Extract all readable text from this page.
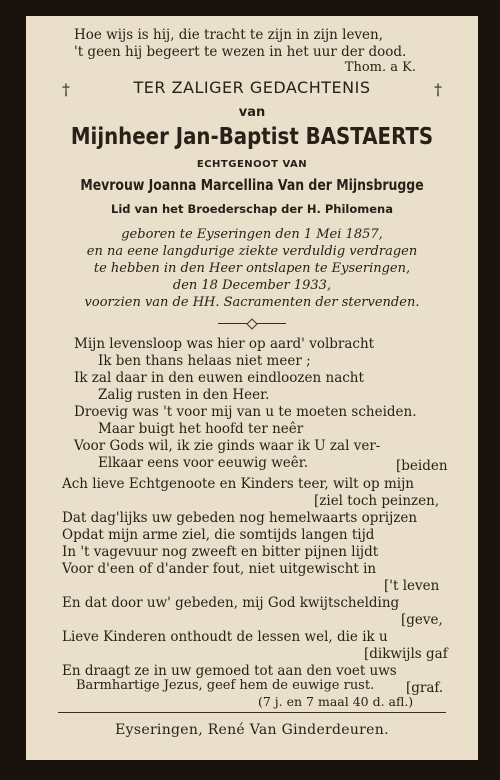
Hoe wijs is hij, die tracht te zijn in zijn leven,
't geen hij begeert te wezen in het uur der dood.
Thom. a K.
†	†
TER ZALIGER GEDACHTENIS
van
Mijnheer Jan-Baptist BASTAERTS
ECHTGENOOT VAN
Mevrouw Joanna Marcellina Van der Mijnsbrugge
Lid van het Broederschap der H. Philomena
geboren te Eyseringen den 1 Mei 1857,
en na eene langdurige ziekte verduldig verdragen
te hebben in den Heer ontslapen te Eyseringen,
den 18 December 1933,
voorzien van de HH. Sacramenten der stervenden.
Mijn levensloop was hier op aard' volbracht
Ik ben thans helaas niet meer ;
Ik zal daar in den euwen eindloozen nacht
Zalig rusten in den Heer.
Droevig was 't voor mij van u te moeten scheiden.
Maar buigt het hoofd ter neêr
Voor Gods wil, ik zie ginds waar ik U zal ver-
Elkaar eens voor eeuwig weêr.	[beiden
Ach lieve Echtgenoote en Kinders teer, wilt op mijn
[ziel toch peinzen,
Dat dag'lijks uw gebeden nog hemelwaarts oprijzen
Opdat mijn arme ziel, die somtijds langen tijd
In 't vagevuur nog zweeft en bitter pijnen lijdt
Voor d'een of d'ander fout, niet uitgewischt in
['t leven
En dat door uw' gebeden, mij God kwijtschelding
[geve,
Lieve Kinderen onthoudt de lessen wel, die ik u
[dikwijls gaf
En draagt ze in uw gemoed tot aan den voet uws
[graf.
Barmhartige Jezus, geef hem de euwige rust.
(7 j. en 7 maal 40 d. afl.)
Eyseringen, René Van Ginderdeuren.
